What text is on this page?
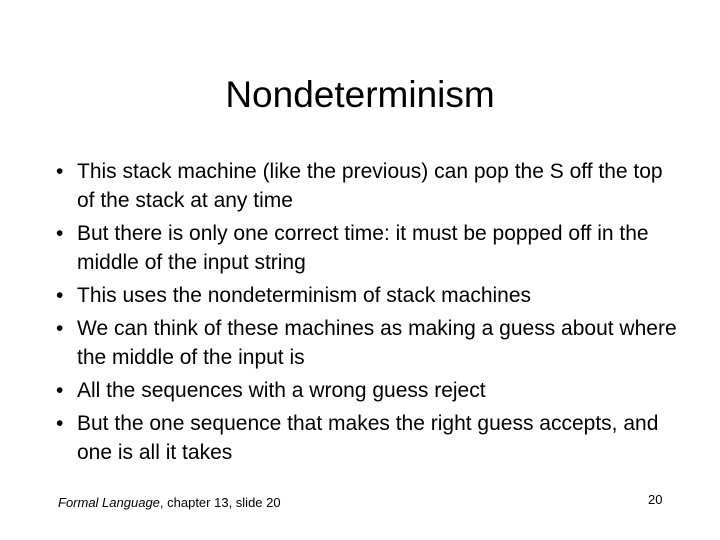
Nondeterminism
• This stack machine (like the previous) can pop the S off the top of the stack at any time
• But there is only one correct time: it must be popped off in the middle of the input string
• This uses the nondeterminism of stack machines
• We can think of these machines as making a guess about where the middle of the input is
• All the sequences with a wrong guess reject
• But the one sequence that makes the right guess accepts, and one is all it takes
Formal Language, chapter 13, slide 20	20
